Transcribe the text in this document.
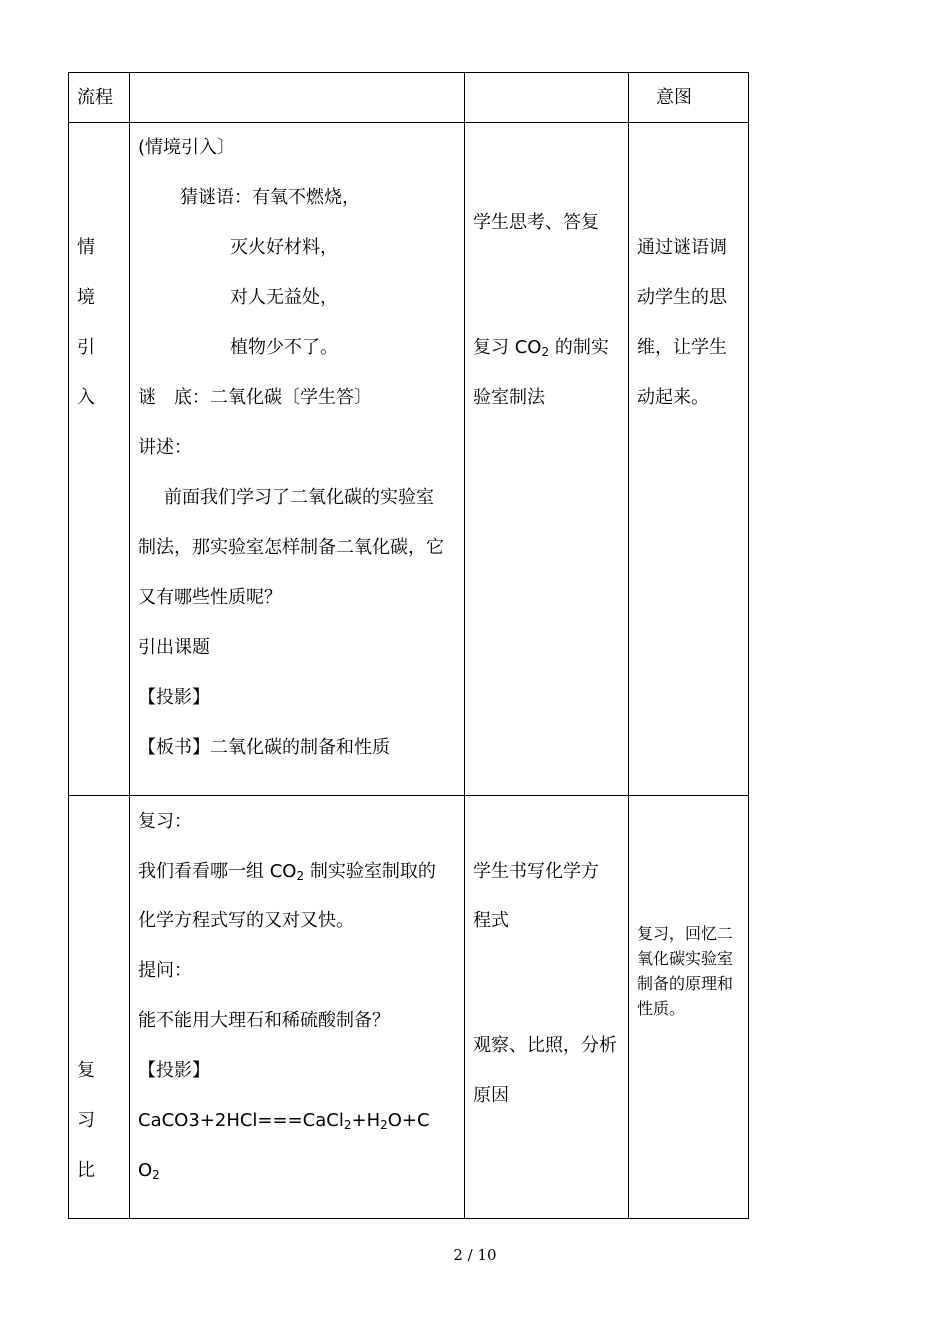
流程	意图
情
境
引
入
(情境引入〕
猜谜语：有氧不燃烧，
灭火好材料，
对人无益处，
植物少不了。
谜　底：二氧化碳〔学生答〕
讲述：
前面我们学习了二氧化碳的实验室
制法，那实验室怎样制备二氧化碳，它
又有哪些性质呢？
引出课题
【投影】
【板书】二氧化碳的制备和性质
学生思考、答复
复习 $CO_2$ 的制实
验室制法
通过谜语调
动学生的思
维，让学生
动起来。
复
习
比
复习：
我们看看哪一组 $CO_2$ 制实验室制取的
化学方程式写的又对又快。
提问：
能不能用大理石和稀硫酸制备？
【投影】
$CaCO3+2HCl===CaCl_2+H_2O+C$
$O_2$
学生书写化学方
程式
观察、比照，分析
原因
复习，回忆二
氧化碳实验室
制备的原理和
性质。
2 / 10
